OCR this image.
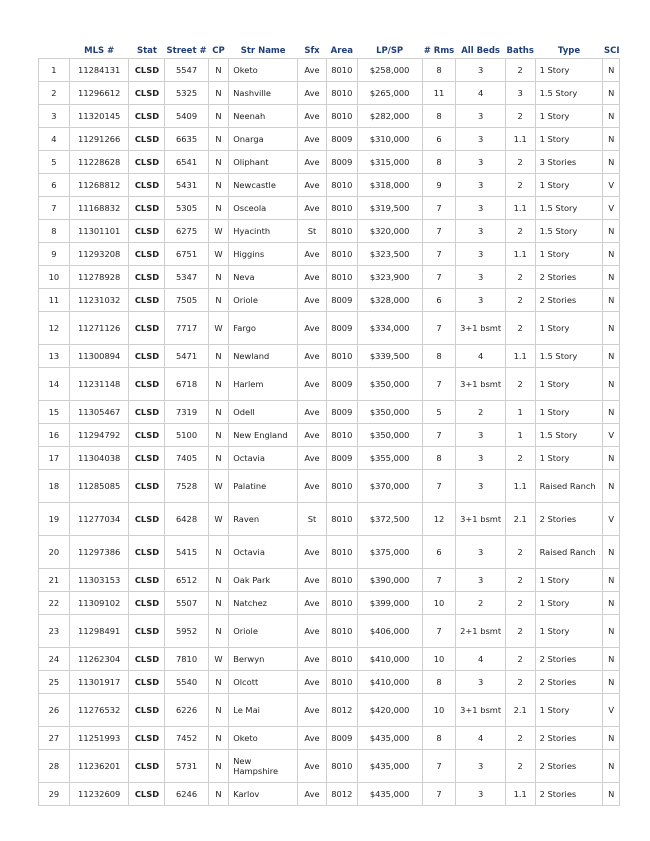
	MLS #	Stat	Street #	CP	Str Name	Sfx	Area	LP/SP	# Rms	All Beds	Baths	Type	SCI
1	11284131	CLSD	5547	N	Oketo	Ave	8010	$258,000	8	3	2	1 Story	N
2	11296612	CLSD	5325	N	Nashville	Ave	8010	$265,000	11	4	3	1.5 Story	N
3	11320145	CLSD	5409	N	Neenah	Ave	8010	$282,000	8	3	2	1 Story	N
4	11291266	CLSD	6635	N	Onarga	Ave	8009	$310,000	6	3	1.1	1 Story	N
5	11228628	CLSD	6541	N	Oliphant	Ave	8009	$315,000	8	3	2	3 Stories	N
6	11268812	CLSD	5431	N	Newcastle	Ave	8010	$318,000	9	3	2	1 Story	V
7	11168832	CLSD	5305	N	Osceola	Ave	8010	$319,500	7	3	1.1	1.5 Story	V
8	11301101	CLSD	6275	W	Hyacinth	St	8010	$320,000	7	3	2	1.5 Story	N
9	11293208	CLSD	6751	W	Higgins	Ave	8010	$323,500	7	3	1.1	1 Story	N
10	11278928	CLSD	5347	N	Neva	Ave	8010	$323,900	7	3	2	2 Stories	N
11	11231032	CLSD	7505	N	Oriole	Ave	8009	$328,000	6	3	2	2 Stories	N
12	11271126	CLSD	7717	W	Fargo	Ave	8009	$334,000	7	3+1 bsmt	2	1 Story	N
13	11300894	CLSD	5471	N	Newland	Ave	8010	$339,500	8	4	1.1	1.5 Story	N
14	11231148	CLSD	6718	N	Harlem	Ave	8009	$350,000	7	3+1 bsmt	2	1 Story	N
15	11305467	CLSD	7319	N	Odell	Ave	8009	$350,000	5	2	1	1 Story	N
16	11294792	CLSD	5100	N	New England	Ave	8010	$350,000	7	3	1	1.5 Story	V
17	11304038	CLSD	7405	N	Octavia	Ave	8009	$355,000	8	3	2	1 Story	N
18	11285085	CLSD	7528	W	Palatine	Ave	8010	$370,000	7	3	1.1	Raised Ranch	N
19	11277034	CLSD	6428	W	Raven	St	8010	$372,500	12	3+1 bsmt	2.1	2 Stories	V
20	11297386	CLSD	5415	N	Octavia	Ave	8010	$375,000	6	3	2	Raised Ranch	N
21	11303153	CLSD	6512	N	Oak Park	Ave	8010	$390,000	7	3	2	1 Story	N
22	11309102	CLSD	5507	N	Natchez	Ave	8010	$399,000	10	2	2	1 Story	N
23	11298491	CLSD	5952	N	Oriole	Ave	8010	$406,000	7	2+1 bsmt	2	1 Story	N
24	11262304	CLSD	7810	W	Berwyn	Ave	8010	$410,000	10	4	2	2 Stories	N
25	11301917	CLSD	5540	N	Olcott	Ave	8010	$410,000	8	3	2	2 Stories	N
26	11276532	CLSD	6226	N	Le Mai	Ave	8012	$420,000	10	3+1 bsmt	2.1	1 Story	V
27	11251993	CLSD	7452	N	Oketo	Ave	8009	$435,000	8	4	2	2 Stories	N
28	11236201	CLSD	5731	N	New Hampshire	Ave	8010	$435,000	7	3	2	2 Stories	N
29	11232609	CLSD	6246	N	Karlov	Ave	8012	$435,000	7	3	1.1	2 Stories	N
